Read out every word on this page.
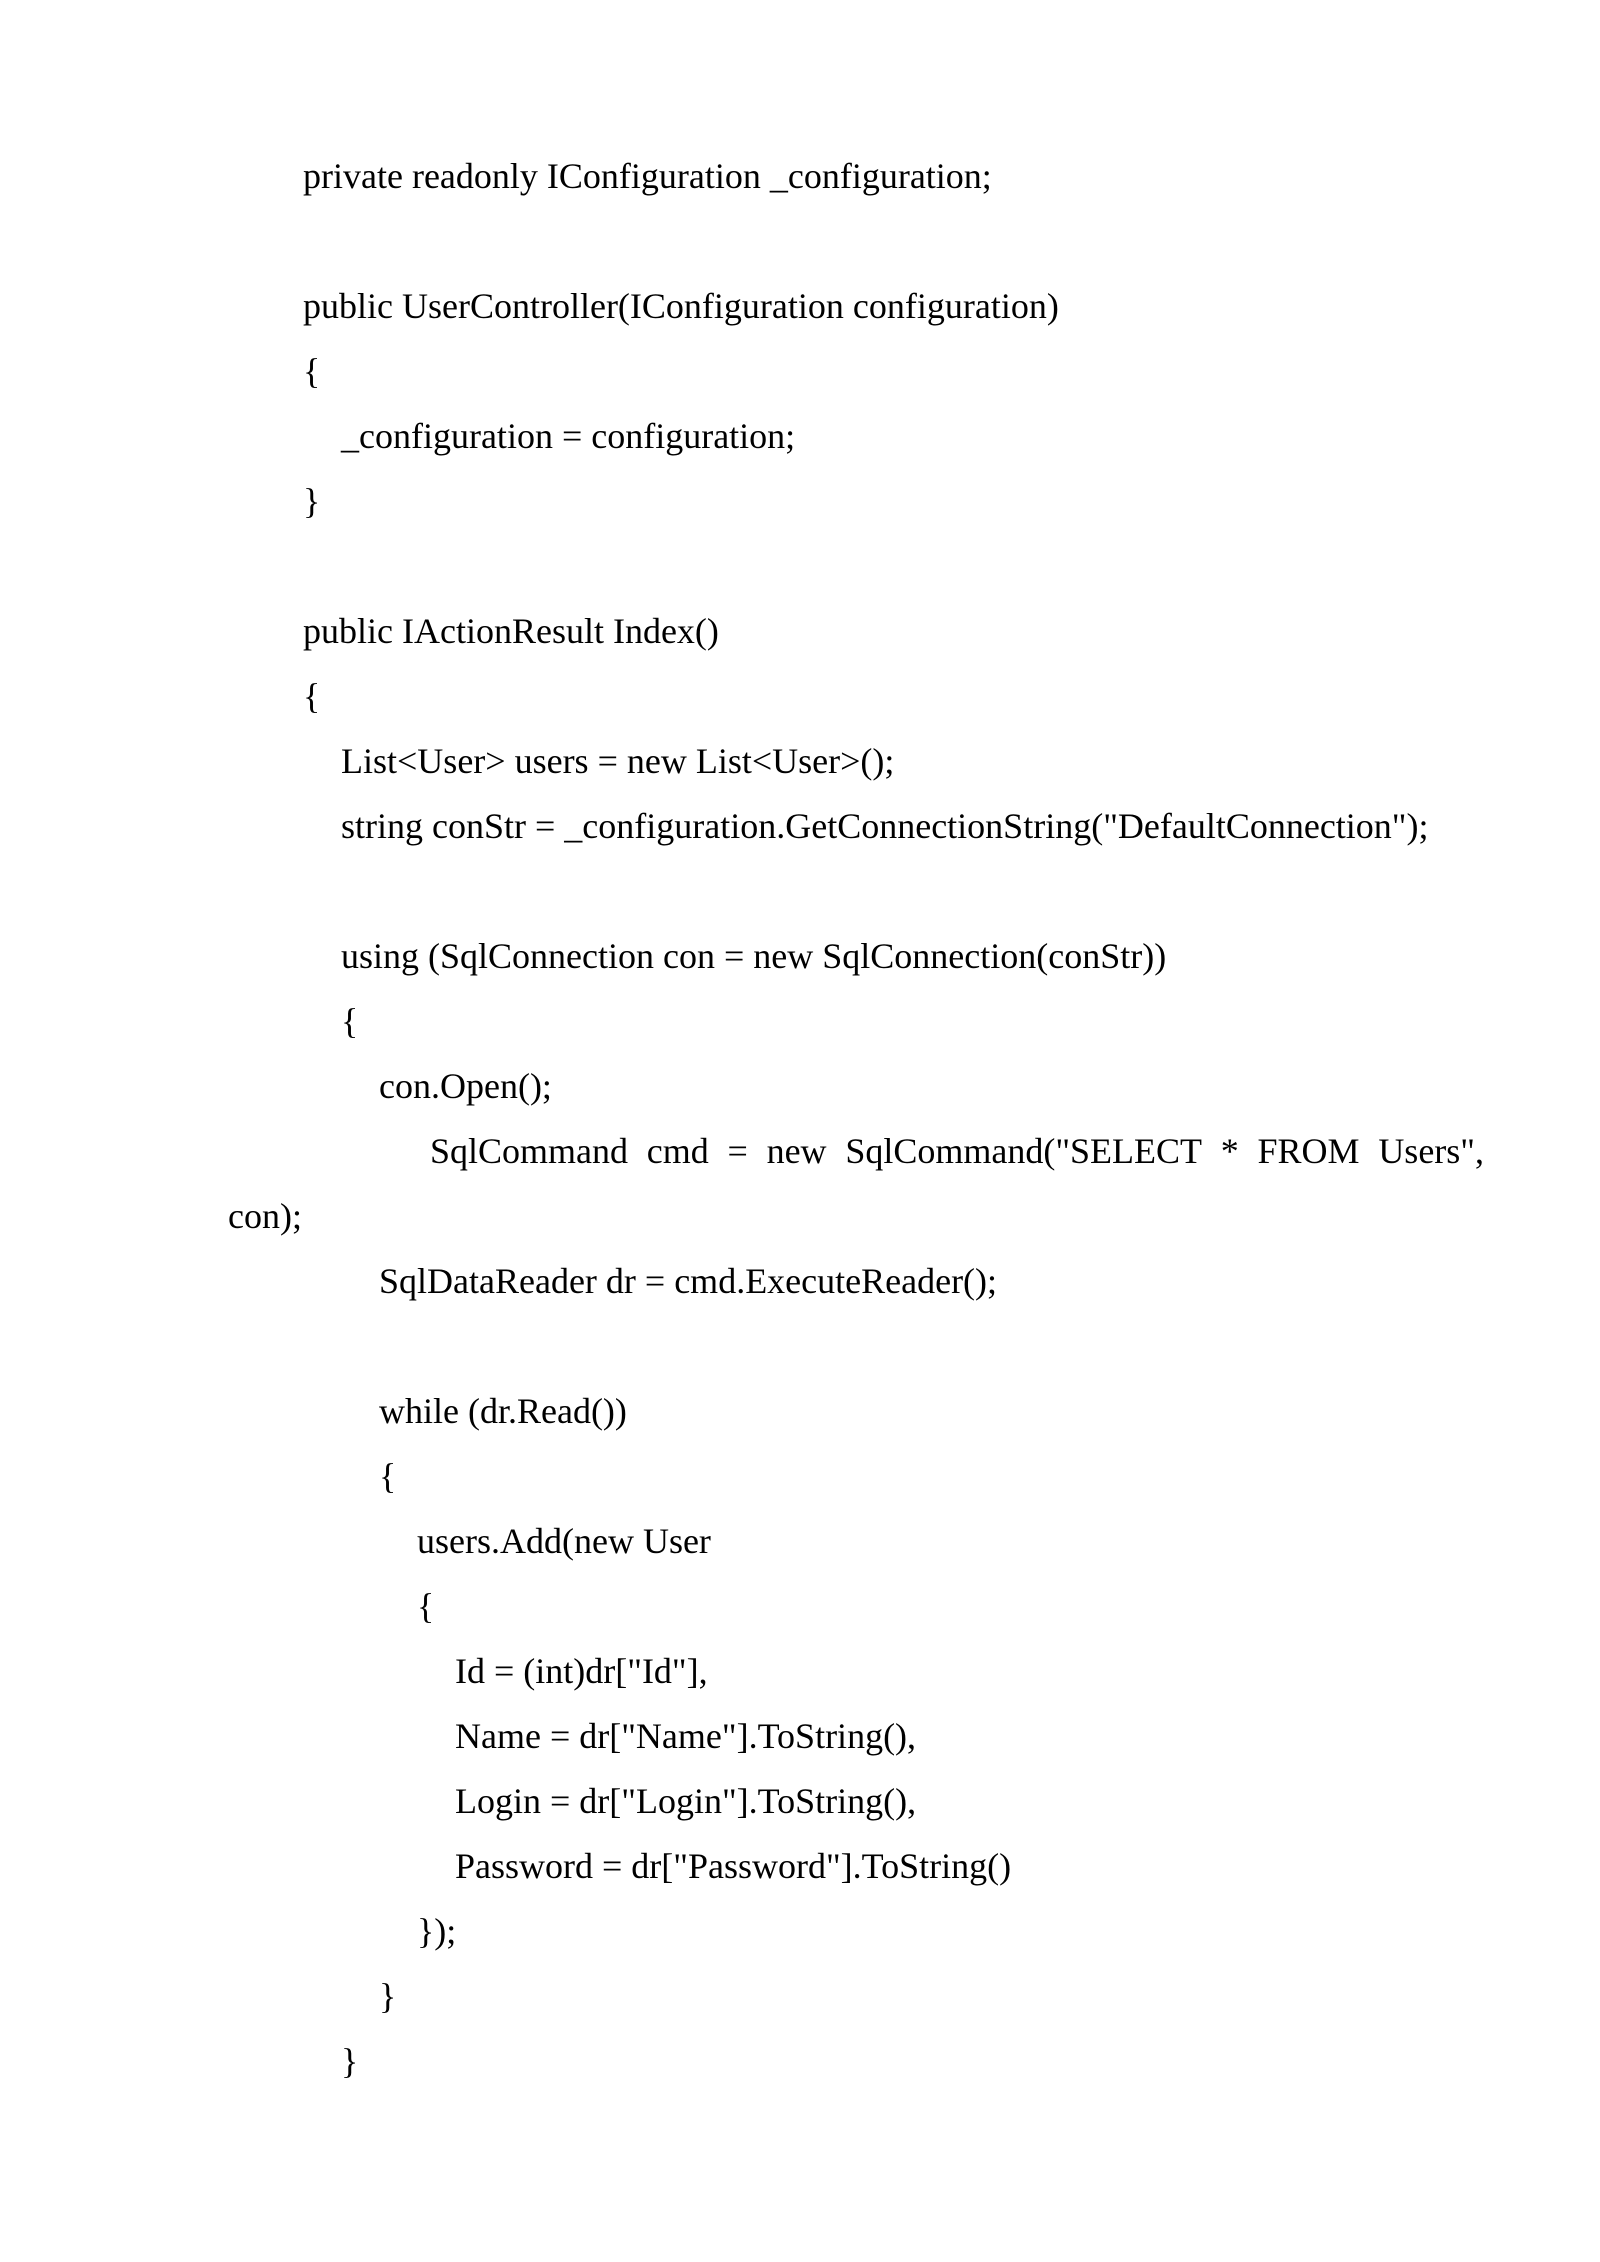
private readonly IConfiguration _configuration;
public UserController(IConfiguration configuration)
{
_configuration = configuration;
}
public IActionResult Index()
{
List<User> users = new List<User>();
string conStr = _configuration.GetConnectionString("DefaultConnection");
using (SqlConnection con = new SqlConnection(conStr))
{
con.Open();
SqlCommand cmd = new SqlCommand("SELECT * FROM Users",
con);
SqlDataReader dr = cmd.ExecuteReader();
while (dr.Read())
{
users.Add(new User
{
Id = (int)dr["Id"],
Name = dr["Name"].ToString(),
Login = dr["Login"].ToString(),
Password = dr["Password"].ToString()
});
}
}
